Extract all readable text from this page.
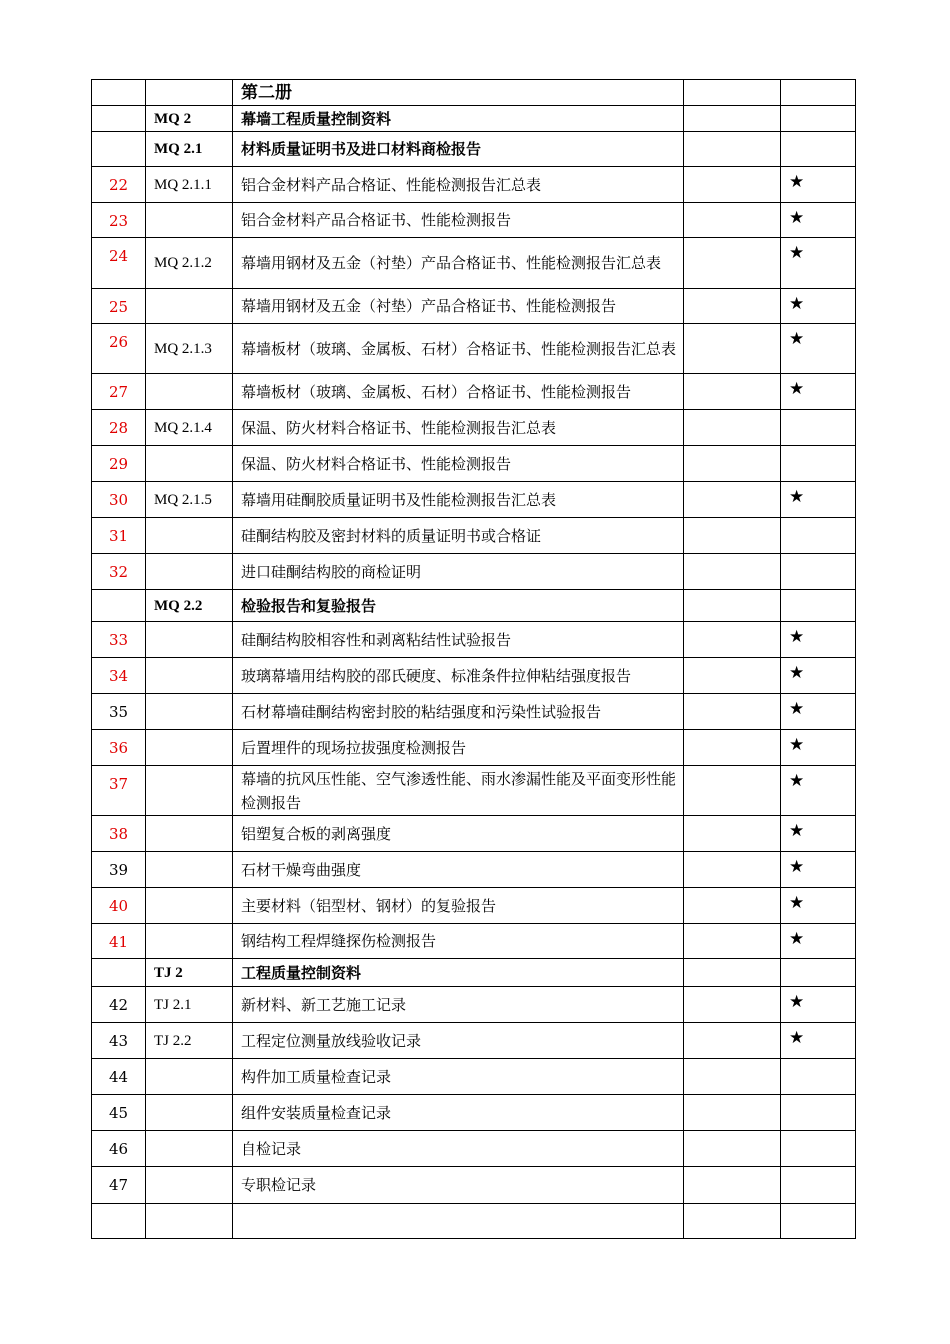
		第二册		
	MQ 2	幕墙工程质量控制资料		
	MQ 2.1	材料质量证明书及进口材料商检报告		
22	MQ 2.1.1	铝合金材料产品合格证、性能检测报告汇总表		★
23		铝合金材料产品合格证书、性能检测报告		★
24	MQ 2.1.2	幕墙用钢材及五金（衬垫）产品合格证书、性能检测报告汇总表		★
25		幕墙用钢材及五金（衬垫）产品合格证书、性能检测报告		★
26	MQ 2.1.3	幕墙板材（玻璃、金属板、石材）合格证书、性能检测报告汇总表		★
27		幕墙板材（玻璃、金属板、石材）合格证书、性能检测报告		★
28	MQ 2.1.4	保温、防火材料合格证书、性能检测报告汇总表		
29		保温、防火材料合格证书、性能检测报告		
30	MQ 2.1.5	幕墙用硅酮胶质量证明书及性能检测报告汇总表		★
31		硅酮结构胶及密封材料的质量证明书或合格证		
32		进口硅酮结构胶的商检证明		
	MQ 2.2	检验报告和复验报告		
33		硅酮结构胶相容性和剥离粘结性试验报告		★
34		玻璃幕墙用结构胶的邵氏硬度、标准条件拉伸粘结强度报告		★
35		石材幕墙硅酮结构密封胶的粘结强度和污染性试验报告		★
36		后置埋件的现场拉拔强度检测报告		★
37		幕墙的抗风压性能、空气渗透性能、雨水渗漏性能及平面变形性能检测报告		★
38		铝塑复合板的剥离强度		★
39		石材干燥弯曲强度		★
40		主要材料（铝型材、钢材）的复验报告		★
41		钢结构工程焊缝探伤检测报告		★
	TJ 2	工程质量控制资料		
42	TJ 2.1	新材料、新工艺施工记录		★
43	TJ 2.2	工程定位测量放线验收记录		★
44		构件加工质量检查记录		
45		组件安装质量检查记录		
46		自检记录		
47		专职检记录		
